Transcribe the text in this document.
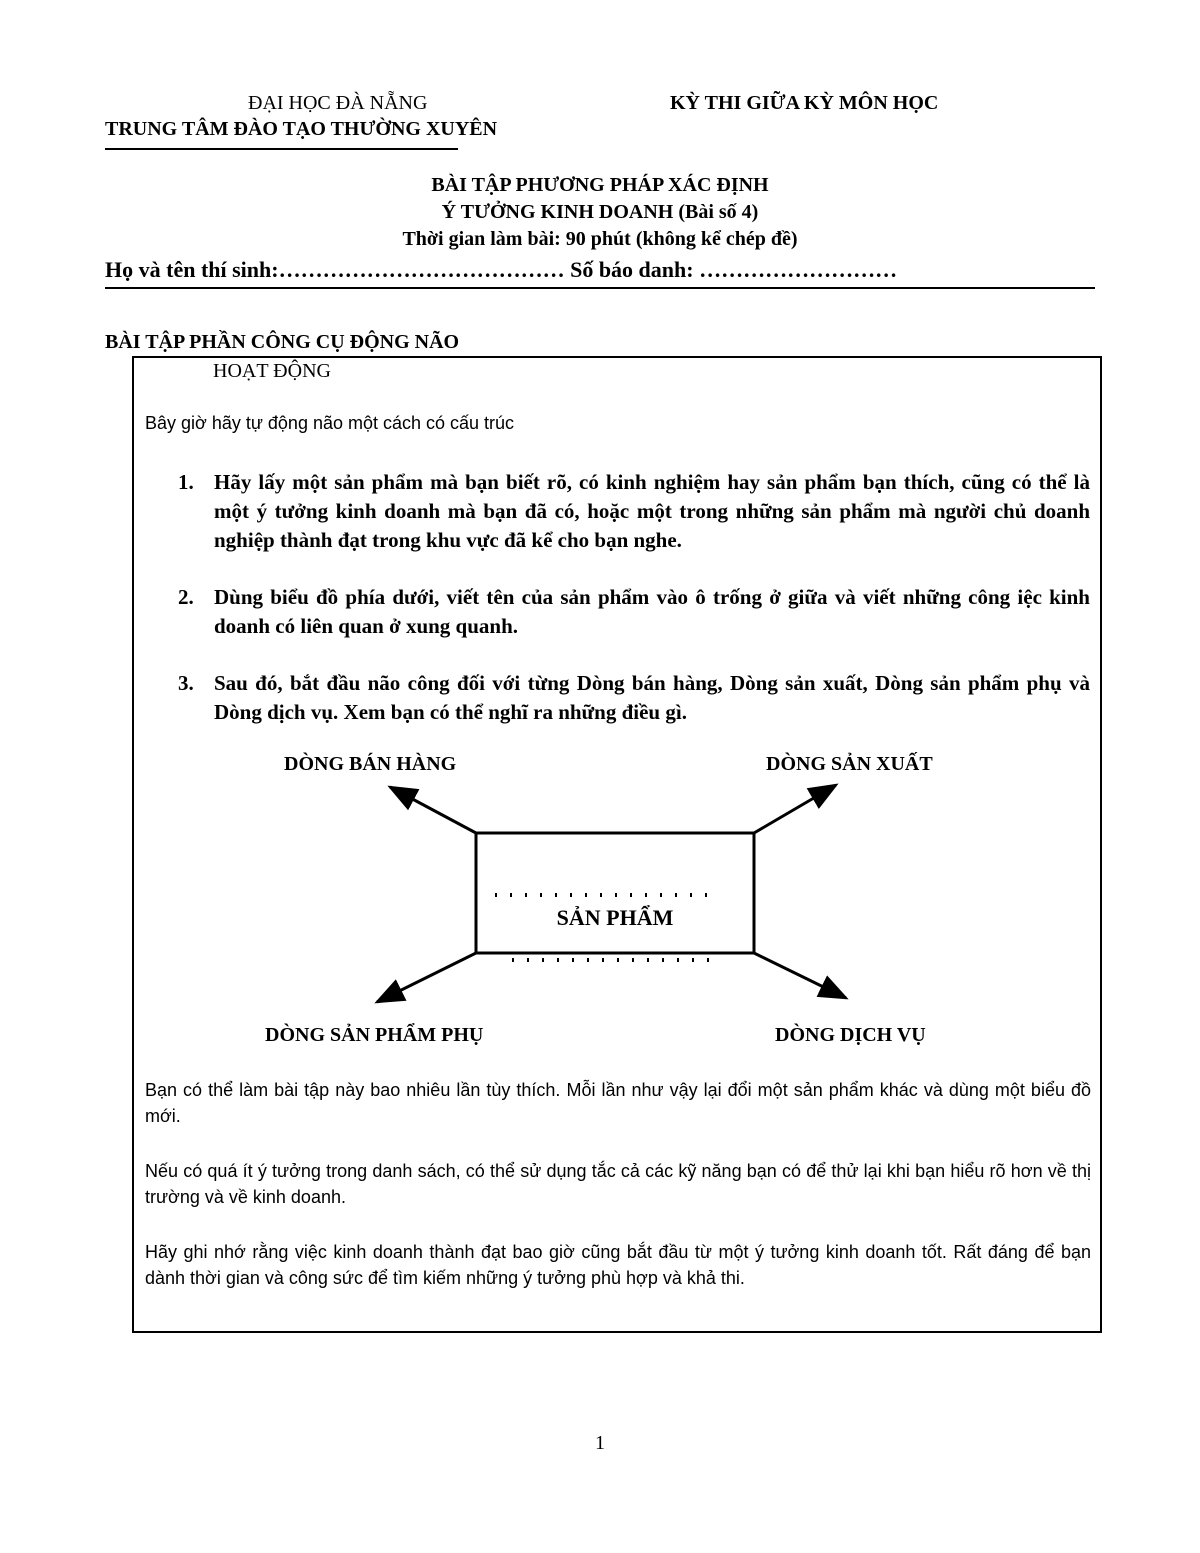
ĐẠI HỌC ĐÀ NẴNG
TRUNG TÂM ĐÀO TẠO THƯỜNG XUYÊN
KỲ THI GIỮA KỲ MÔN HỌC
BÀI TẬP PHƯƠNG PHÁP XÁC ĐỊNH
Ý TƯỞNG KINH DOANH (Bài số 4)
Thời gian làm bài: 90 phút (không kể chép đề)
Họ và tên thí sinh:………………………………… Số báo danh: ………………………
BÀI TẬP PHẦN CÔNG CỤ ĐỘNG NÃO
HOẠT ĐỘNG
Bây giờ hãy tự động não một cách có cấu trúc
1. Hãy lấy một sản phẩm mà bạn biết rõ, có kinh nghiệm hay sản phẩm bạn thích, cũng có thể là một ý tưởng kinh doanh mà bạn đã có, hoặc một trong những sản phẩm mà người chủ doanh nghiệp thành đạt trong khu vực đã kể cho bạn nghe.
2. Dùng biểu đồ phía dưới, viết tên của sản phẩm vào ô trống ở giữa và viết những công iệc kinh doanh có liên quan ở xung quanh.
3. Sau đó, bắt đầu não công đối với từng Dòng bán hàng, Dòng sản xuất, Dòng sản phẩm phụ và Dòng dịch vụ. Xem bạn có thể nghĩ ra những điều gì.
DÒNG BÁN HÀNG	DÒNG SẢN XUẤT
DÒNG SẢN PHẨM PHỤ	DÒNG DỊCH VỤ
SẢN PHẨM
Bạn có thể làm bài tập này bao nhiêu lần tùy thích. Mỗi lần như vậy lại đổi một sản phẩm khác và dùng một biểu đồ mới.
Nếu có quá ít ý tưởng trong danh sách, có thể sử dụng tắc cả các kỹ năng bạn có để thử lại khi bạn hiểu rõ hơn về thị trường và về kinh doanh.
Hãy ghi nhớ rằng việc kinh doanh thành đạt bao giờ cũng bắt đầu từ một ý tưởng kinh doanh tốt. Rất đáng để bạn dành thời gian và công sức để tìm kiếm những ý tưởng phù hợp và khả thi.
1
